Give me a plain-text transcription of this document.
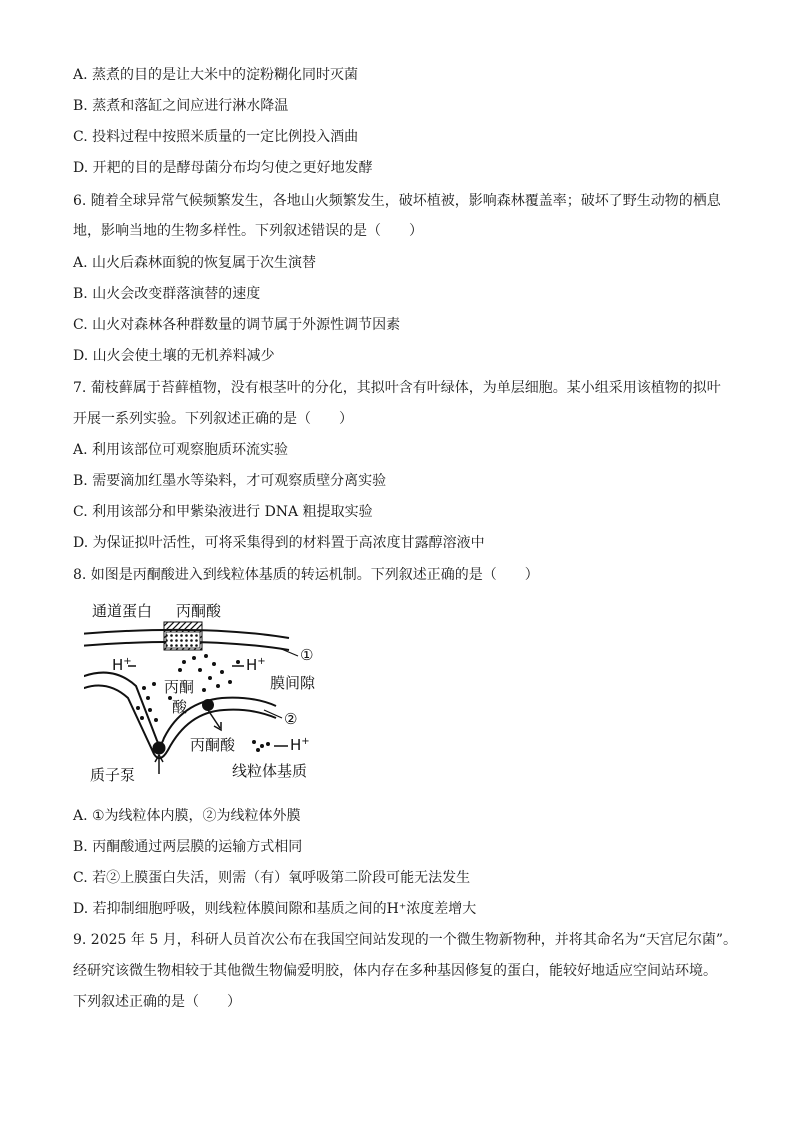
A. 蒸煮的目的是让大米中的淀粉糊化同时灭菌
B. 蒸煮和落缸之间应进行淋水降温
C. 投料过程中按照米质量的一定比例投入酒曲
D. 开耙的目的是酵母菌分布均匀使之更好地发酵
6. 随着全球异常气候频繁发生，各地山火频繁发生，破坏植被，影响森林覆盖率；破坏了野生动物的栖息
地，影响当地的生物多样性。下列叙述错误的是（　　）
A. 山火后森林面貌的恢复属于次生演替
B. 山火会改变群落演替的速度
C. 山火对森林各种群数量的调节属于外源性调节因素
D. 山火会使土壤的无机养料减少
7. 葡枝藓属于苔藓植物，没有根茎叶的分化，其拟叶含有叶绿体，为单层细胞。某小组采用该植物的拟叶
开展一系列实验。下列叙述正确的是（　　）
A. 利用该部位可观察胞质环流实验
B. 需要滴加红墨水等染料，才可观察质壁分离实验
C. 利用该部分和甲紫染液进行 DNA 粗提取实验
D. 为保证拟叶活性，可将采集得到的材料置于高浓度甘露醇溶液中
8. 如图是丙酮酸进入到线粒体基质的转运机制。下列叙述正确的是（　　）
通道蛋白 丙酮酸
H+	H+ ①
膜间隙
丙酮
酸
②
丙酮酸	H+
质子泵	线粒体基质
A. ①为线粒体内膜，②为线粒体外膜
B. 丙酮酸通过两层膜的运输方式相同
C. 若②上膜蛋白失活，则需（有）氧呼吸第二阶段可能无法发生
D. 若抑制细胞呼吸，则线粒体膜间隙和基质之间的H⁺浓度差增大
9. 2025 年 5 月，科研人员首次公布在我国空间站发现的一个微生物新物种，并将其命名为“天宫尼尔菌”。
经研究该微生物相较于其他微生物偏爱明胶，体内存在多种基因修复的蛋白，能较好地适应空间站环境。
下列叙述正确的是（　　）
